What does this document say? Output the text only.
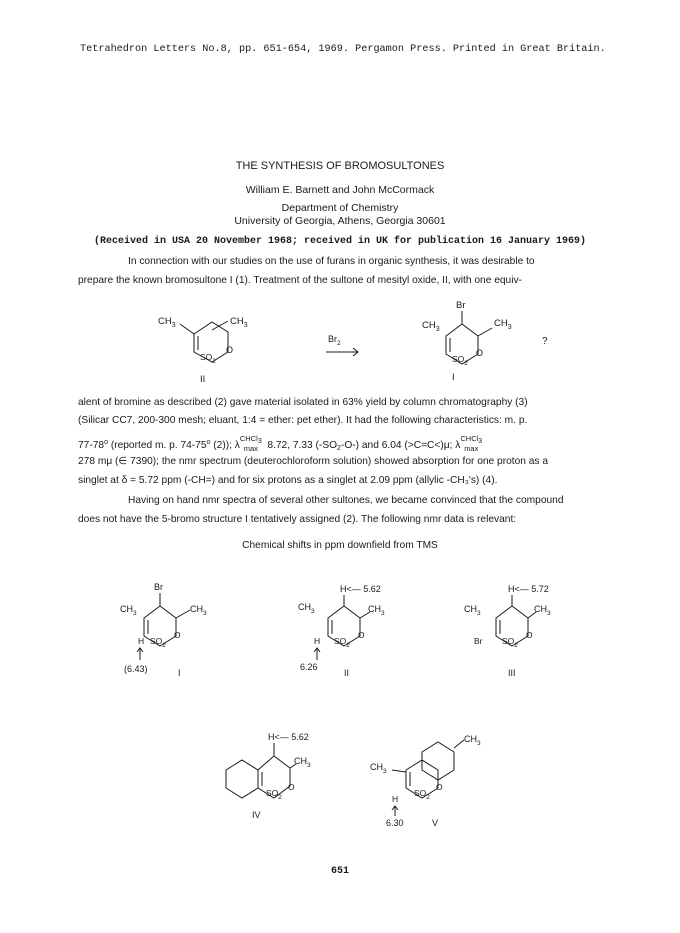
Tetrahedron Letters No.8, pp. 651-654, 1969. Pergamon Press. Printed in Great Britain.
THE SYNTHESIS OF BROMOSULTONES
William E. Barnett and John McCormack
Department of Chemistry
University of Georgia, Athens, Georgia 30601
(Received in USA 20 November 1968; received in UK for publication 16 January 1969)
In connection with our studies on the use of furans in organic synthesis, it was desirable to
prepare the known bromosultone I (1). Treatment of the sultone of mesityl oxide, II, with one equiv-
$CH_3$	$CH_3$
$SO_2$
O
II
$Br_2$
Br
$CH_3$
$CH_3$
$SO_2$
O
I
?
alent of bromine as described (2) gave material isolated in 63% yield by column chromatography (3)
(Silicar CC7, 200-300 mesh; eluant, 1:4 = ether: pet ether). It had the following characteristics: m. p.
77-78$^o$ (reported m. p. 74-75$^o$ (2)); λCHCl$_3$
max 8.72, 7.33 $(-SO_2-O-)$ and 6.04 (>C=C<)μ; λCHCl$_3$
max
278 mμ (∈ 7390); the nmr spectrum (deuterochloroform solution) showed absorption for one proton as a
singlet at δ = 5.72 ppm (-CH=) and for six protons as a singlet at 2.09 ppm (allylic -CH₃'s) (4).
Having on hand nmr spectra of several other sultones, we became convinced that the compound
does not have the 5-bromo structure I tentatively assigned (2). The following nmr data is relevant:
Chemical shifts in ppm downfield from TMS
Br
$CH_3$	$CH_3$
H $SO_2$
O
(6.43)	I
H<— 5.62
$CH_3$	$CH_3$
H $SO_2$
O
6.26
II
H<— 5.72
$CH_3$	$CH_3$
Br $SO_2$
O
III
H<— 5.62
$CH_3$
$SO_2$
O
IV
$CH_3$
$CH_3$
H
$SO_2$
O
6.30	V
651
